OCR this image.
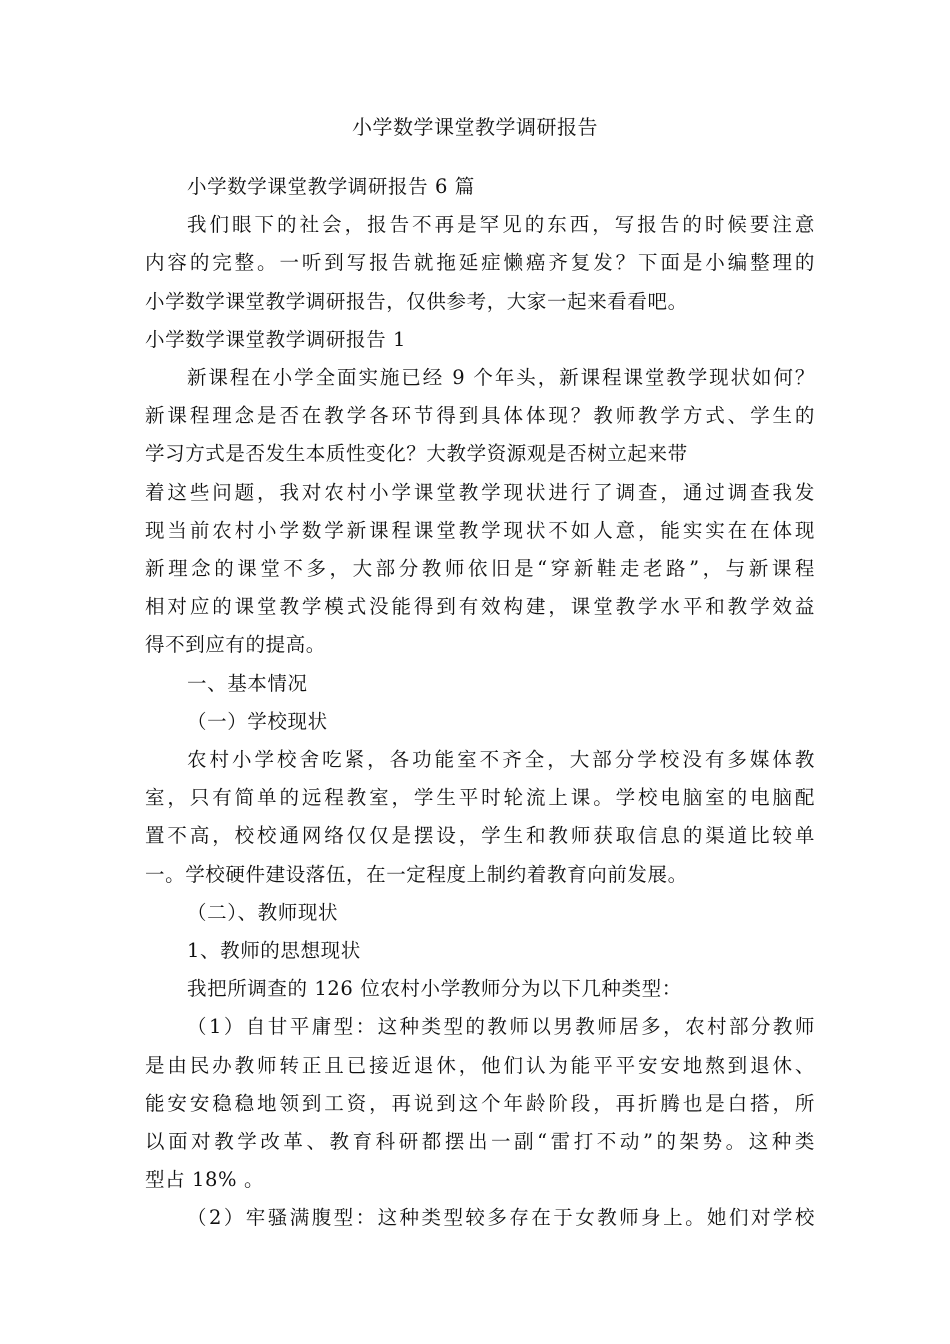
小学数学课堂教学调研报告
小学数学课堂教学调研报告 6 篇
我们眼下的社会，报告不再是罕见的东西，写报告的时候要注意
内容的完整。一听到写报告就拖延症懒癌齐复发？下面是小编整理的
小学数学课堂教学调研报告，仅供参考，大家一起来看看吧。
小学数学课堂教学调研报告 1
新课程在小学全面实施已经 9 个年头，新课程课堂教学现状如何？
新课程理念是否在教学各环节得到具体体现？教师教学方式、学生的
学习方式是否发生本质性变化？大教学资源观是否树立起来带
着这些问题，我对农村小学课堂教学现状进行了调查，通过调查我发
现当前农村小学数学新课程课堂教学现状不如人意，能实实在在体现
新理念的课堂不多，大部分教师依旧是“穿新鞋走老路”，与新课程
相对应的课堂教学模式没能得到有效构建，课堂教学水平和教学效益
得不到应有的提高。
一、基本情况
（一）学校现状
农村小学校舍吃紧，各功能室不齐全，大部分学校没有多媒体教
室，只有简单的远程教室，学生平时轮流上课。学校电脑室的电脑配
置不高，校校通网络仅仅是摆设，学生和教师获取信息的渠道比较单
一。学校硬件建设落伍，在一定程度上制约着教育向前发展。
（二）、教师现状
1、教师的思想现状
我把所调查的 126 位农村小学教师分为以下几种类型：
（1）自甘平庸型：这种类型的教师以男教师居多，农村部分教师
是由民办教师转正且已接近退休，他们认为能平平安安地熬到退休、
能安安稳稳地领到工资，再说到这个年龄阶段，再折腾也是白搭，所
以面对教学改革、教育科研都摆出一副“雷打不动”的架势。这种类
型占 18% 。
（2）牢骚满腹型：这种类型较多存在于女教师身上。她们对学校
